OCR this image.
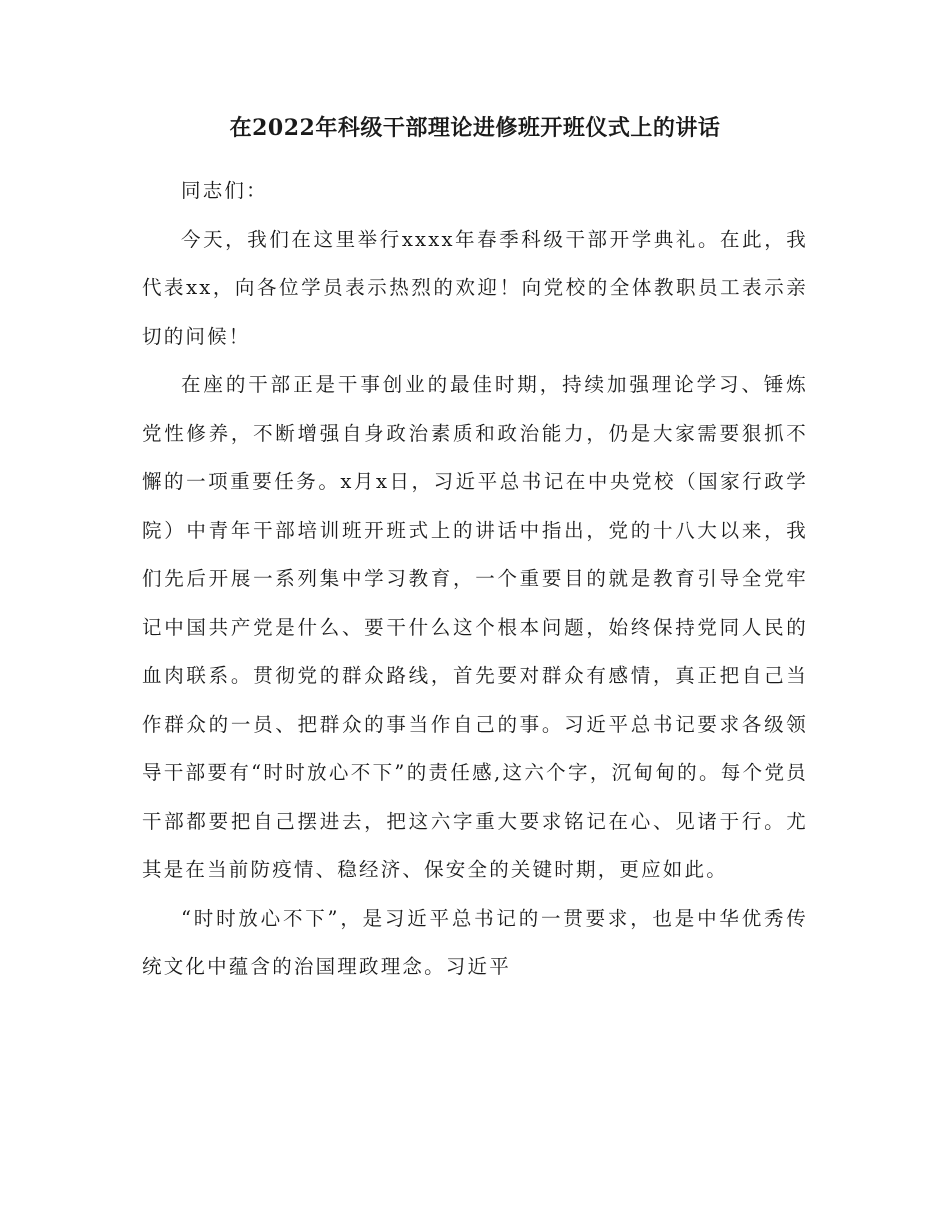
在2022年科级干部理论进修班开班仪式上的讲话

同志们：

今天，我们在这里举行xxxx年春季科级干部开学典礼。在此，我代表xx，向各位学员表示热烈的欢迎！向党校的全体教职员工表示亲切的问候！

在座的干部正是干事创业的最佳时期，持续加强理论学习、锤炼党性修养，不断增强自身政治素质和政治能力，仍是大家需要狠抓不懈的一项重要任务。x月x日，习近平总书记在中央党校（国家行政学院）中青年干部培训班开班式上的讲话中指出，党的十八大以来，我们先后开展一系列集中学习教育，一个重要目的就是教育引导全党牢记中国共产党是什么、要干什么这个根本问题，始终保持党同人民的血肉联系。贯彻党的群众路线，首先要对群众有感情，真正把自己当作群众的一员、把群众的事当作自己的事。习近平总书记要求各级领导干部要有“时时放心不下”的责任感,这六个字，沉甸甸的。每个党员干部都要把自己摆进去，把这六字重大要求铭记在心、见诸于行。尤其是在当前防疫情、稳经济、保安全的关键时期，更应如此。

“时时放心不下”，是习近平总书记的一贯要求，也是中华优秀传统文化中蕴含的治国理政理念。习近平
